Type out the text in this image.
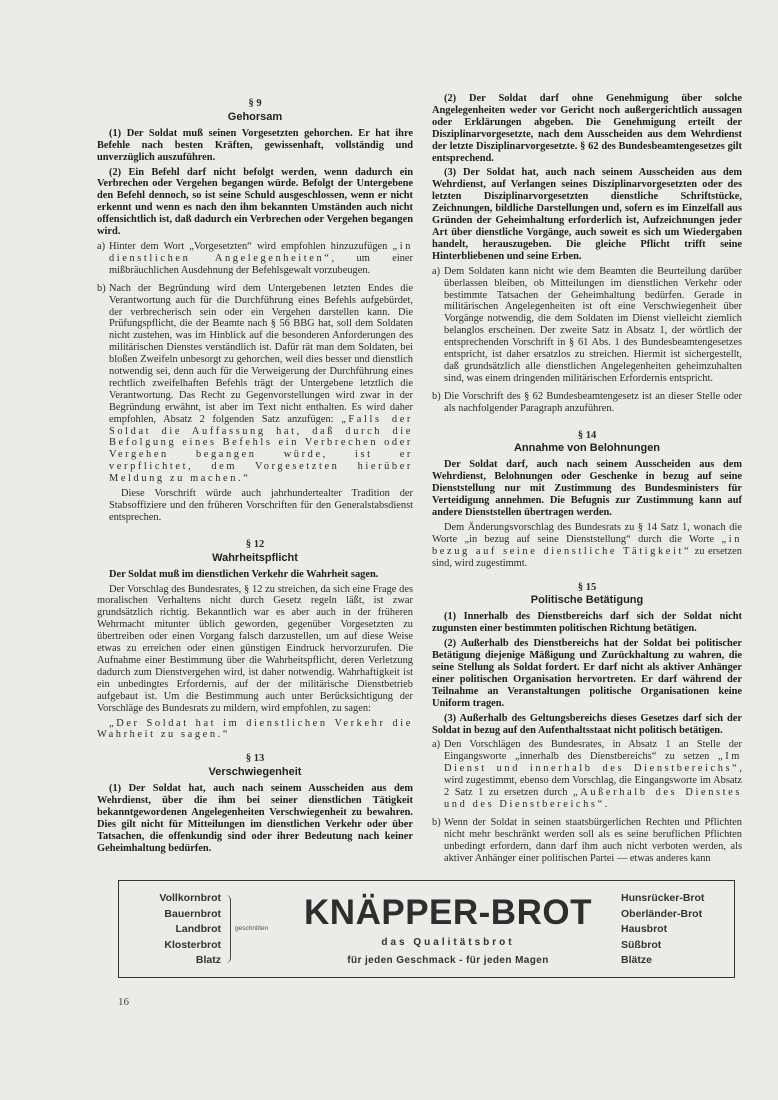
§ 9
Gehorsam

(1) Der Soldat muß seinen Vorgesetzten gehorchen. Er hat ihre Befehle nach besten Kräften, gewissenhaft, vollständig und unverzüglich auszuführen.

(2) Ein Befehl darf nicht befolgt werden, wenn dadurch ein Verbrechen oder Vergehen begangen würde. Befolgt der Untergebene den Befehl dennoch, so ist seine Schuld ausgeschlossen, wenn er nicht erkennt und wenn es nach den ihm bekannten Umständen auch nicht offensichtlich ist, daß dadurch ein Verbrechen oder Vergehen begangen wird.

a) Hinter dem Wort „Vorgesetzten“ wird empfohlen hinzuzufügen „in dienstlichen Angelegenheiten“, um einer mißbräuchlichen Ausdehnung der Befehlsgewalt vorzubeugen.

b) Nach der Begründung wird dem Untergebenen letzten Endes die Verantwortung auch für die Durchführung eines Befehls aufgebürdet, der verbrecherisch sein oder ein Vergehen darstellen kann. Die Prüfungspflicht, die der Beamte nach § 56 BBG hat, soll dem Soldaten nicht zustehen, was im Hinblick auf die besonderen Anforderungen des militärischen Dienstes verständlich ist. Dafür rät man dem Soldaten, bei bloßen Zweifeln unbesorgt zu gehorchen, weil dies besser und dienstlich notwendig sei, denn auch für die Verweigerung der Durchführung eines rechtlich zweifelhaften Befehls trägt der Untergebene letztlich die Verantwortung. Das Recht zu Gegenvorstellungen wird zwar in der Begründung erwähnt, ist aber im Text nicht enthalten. Es wird daher empfohlen, Absatz 2 folgenden Satz anzufügen: „Falls der Soldat die Auffassung hat, daß durch die Befolgung eines Befehls ein Verbrechen oder Vergehen begangen würde, ist er verpflichtet, dem Vorgesetzten hierüber Meldung zu machen.“

Diese Vorschrift würde auch jahrhundertealter Tradition der Stabsoffiziere und den früheren Vorschriften für den Generalstabsdienst entsprechen.

§ 12
Wahrheitspflicht

Der Soldat muß im dienstlichen Verkehr die Wahrheit sagen.

Der Vorschlag des Bundesrates, § 12 zu streichen, da sich eine Frage des moralischen Verhaltens nicht durch Gesetz regeln läßt, ist zwar grundsätzlich richtig. Bekanntlich war es aber auch in der früheren Wehrmacht mitunter üblich geworden, gegenüber Vorgesetzten zu übertreiben oder einen Vorgang falsch darzustellen, um auf diese Weise etwas zu erreichen oder einen günstigen Eindruck hervorzurufen. Die Aufnahme einer Bestimmung über die Wahrheitspflicht, deren Verletzung dadurch zum Dienstvergehen wird, ist daher notwendig. Wahrhaftigkeit ist ein unbedingtes Erfordernis, auf der der militärische Dienstbetrieb aufgebaut ist. Um die Bestimmung auch unter Berücksichtigung der Vorschläge des Bundesrats zu mildern, wird empfohlen, zu sagen:

„Der Soldat hat im dienstlichen Verkehr die Wahrheit zu sagen.“

§ 13
Verschwiegenheit

(1) Der Soldat hat, auch nach seinem Ausscheiden aus dem Wehrdienst, über die ihm bei seiner dienstlichen Tätigkeit bekanntgewordenen Angelegenheiten Verschwiegenheit zu bewahren. Dies gilt nicht für Mitteilungen im dienstlichen Verkehr oder über Tatsachen, die offenkundig sind oder ihrer Bedeutung nach keiner Geheimhaltung bedürfen.

(2) Der Soldat darf ohne Genehmigung über solche Angelegenheiten weder vor Gericht noch außergerichtlich aussagen oder Erklärungen abgeben. Die Genehmigung erteilt der Disziplinarvorgesetzte, nach dem Ausscheiden aus dem Wehrdienst der letzte Disziplinarvorgesetzte. § 62 des Bundesbeamtengesetzes gilt entsprechend.

(3) Der Soldat hat, auch nach seinem Ausscheiden aus dem Wehrdienst, auf Verlangen seines Disziplinarvorgesetzten oder des letzten Disziplinarvorgesetzten dienstliche Schriftstücke, Zeichnungen, bildliche Darstellungen und, sofern es im Einzelfall aus Gründen der Geheimhaltung erforderlich ist, Aufzeichnungen jeder Art über dienstliche Vorgänge, auch soweit es sich um Wiedergaben handelt, herauszugeben. Die gleiche Pflicht trifft seine Hinterbliebenen und seine Erben.

a) Dem Soldaten kann nicht wie dem Beamten die Beurteilung darüber überlassen bleiben, ob Mitteilungen im dienstlichen Verkehr oder bestimmte Tatsachen der Geheimhaltung bedürfen. Gerade in militärischen Angelegenheiten ist oft eine Verschwiegenheit über Vorgänge notwendig, die dem Soldaten im Dienst vielleicht ziemlich belanglos erscheinen. Der zweite Satz in Absatz 1, der wörtlich der entsprechenden Vorschrift in § 61 Abs. 1 des Bundesbeamtengesetzes entspricht, ist daher ersatzlos zu streichen. Hiermit ist sichergestellt, daß grundsätzlich alle dienstlichen Angelegenheiten geheimzuhalten sind, was einem dringenden militärischen Erfordernis entspricht.

b) Die Vorschrift des § 62 Bundesbeamtengesetz ist an dieser Stelle oder als nachfolgender Paragraph anzuführen.

§ 14
Annahme von Belohnungen

Der Soldat darf, auch nach seinem Ausscheiden aus dem Wehrdienst, Belohnungen oder Geschenke in bezug auf seine Dienststellung nur mit Zustimmung des Bundesministers für Verteidigung annehmen. Die Befugnis zur Zustimmung kann auf andere Dienststellen übertragen werden.

Dem Änderungsvorschlag des Bundesrats zu § 14 Satz 1, wonach die Worte „in bezug auf seine Dienststellung“ durch die Worte „in bezug auf seine dienstliche Tätigkeit“ zu ersetzen sind, wird zugestimmt.

§ 15
Politische Betätigung

(1) Innerhalb des Dienstbereichs darf sich der Soldat nicht zugunsten einer bestimmten politischen Richtung betätigen.

(2) Außerhalb des Dienstbereichs hat der Soldat bei politischer Betätigung diejenige Mäßigung und Zurückhaltung zu wahren, die seine Stellung als Soldat fordert. Er darf nicht als aktiver Anhänger einer politischen Organisation hervortreten. Er darf während der Teilnahme an Veranstaltungen politische Organisationen keine Uniform tragen.

(3) Außerhalb des Geltungsbereichs dieses Gesetzes darf sich der Soldat in bezug auf den Aufenthaltsstaat nicht politisch betätigen.

a) Den Vorschlägen des Bundesrates, in Absatz 1 an Stelle der Eingangsworte „innerhalb des Dienstbereichs“ zu setzen „Im Dienst und innerhalb des Dienstbereichs“, wird zugestimmt, ebenso dem Vorschlag, die Eingangsworte im Absatz 2 Satz 1 zu ersetzen durch „Außerhalb des Dienstes und des Dienstbereichs“.

b) Wenn der Soldat in seinen staatsbürgerlichen Rechten und Pflichten nicht mehr beschränkt werden soll als es seine beruflichen Pflichten unbedingt erfordern, dann darf ihm auch nicht verboten werden, als aktiver Anhänger einer politischen Partei — etwas anderes kann

Vollkornbrot
Bauernbrot
Landbrot
Klosterbrot
Blatz
geschnitten	KNÄPPER-BROT
das Qualitätsbrot
für jeden Geschmack - für jeden Magen
Hunsrücker-Brot
Oberländer-Brot
Hausbrot
Süßbrot
Blätze
16
